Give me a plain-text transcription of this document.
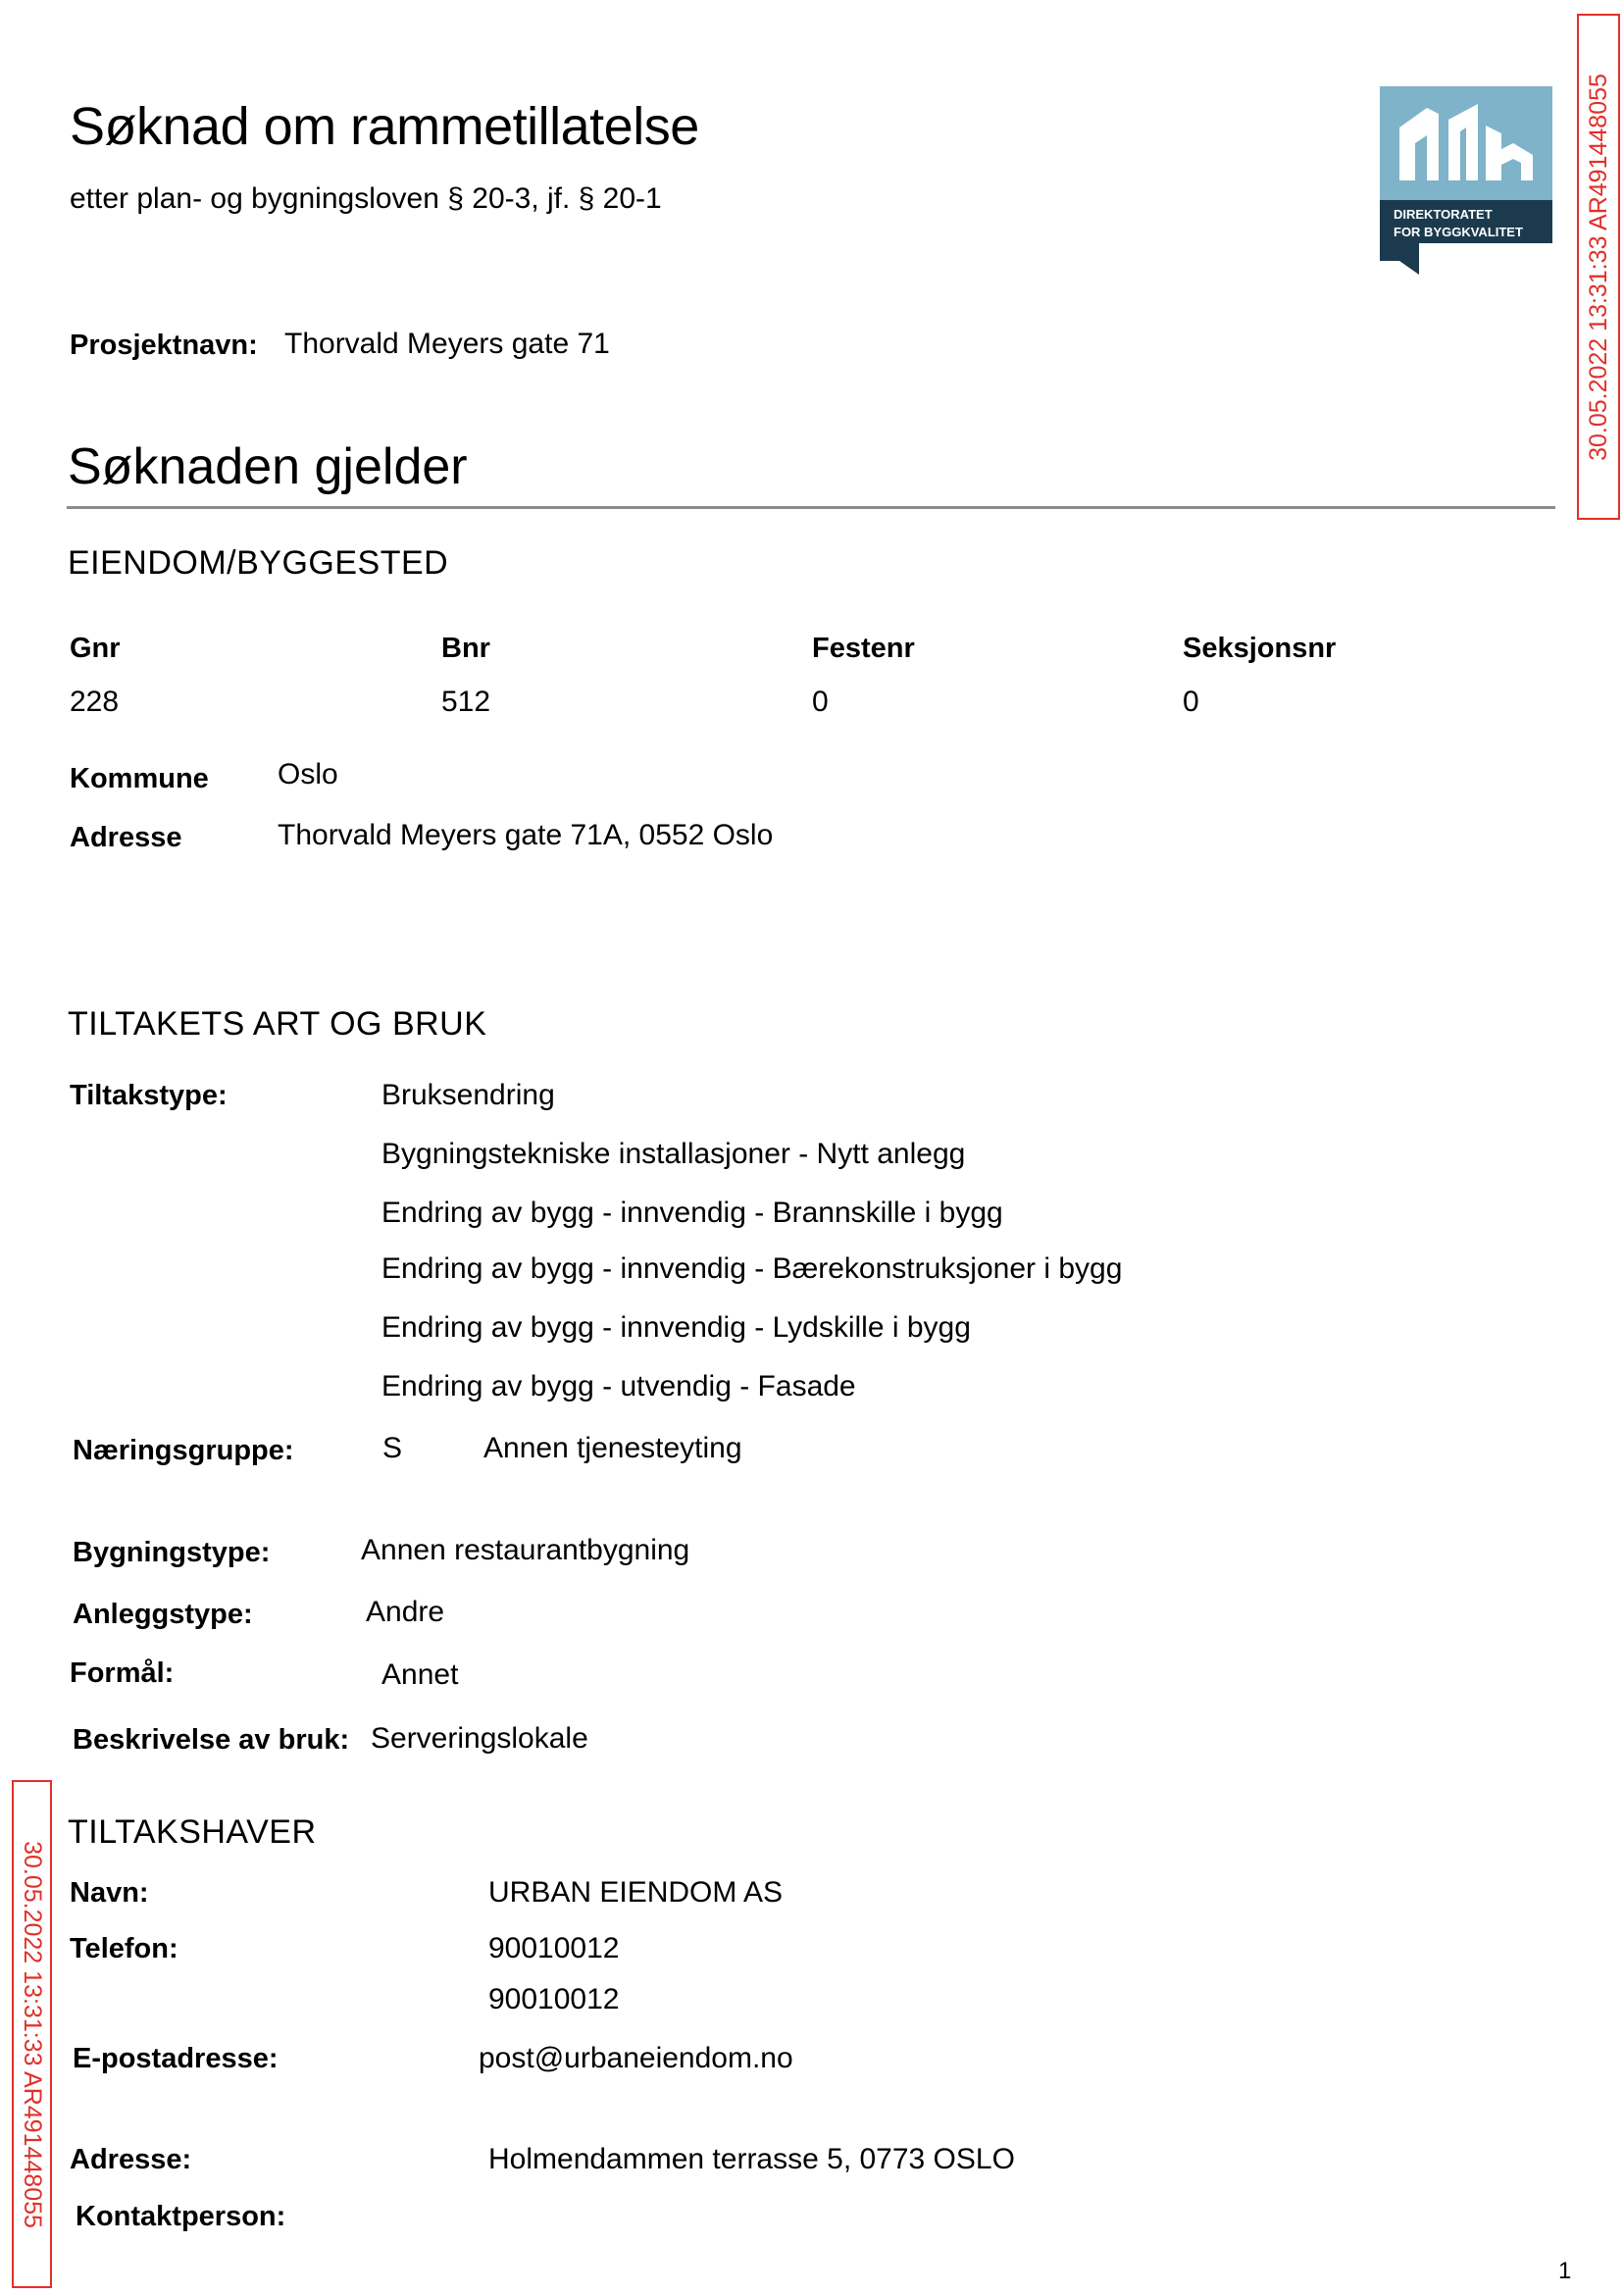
Søknad om rammetillatelse
etter plan- og bygningsloven § 20-3, jf. § 20-1	DIREKTORATET
FOR BYGGKVALITET	30.05.2022 13:31:33 AR491448055
30.05.2022 13:31:33 AR491448055
Prosjektnavn: Thorvald Meyers gate 71
Søknaden gjelder
EIENDOM/BYGGESTED
Gnr	Bnr	Festenr	Seksjonsnr
228	512	0	0
Kommune Oslo
Adresse	Thorvald Meyers gate 71A, 0552 Oslo
TILTAKETS ART OG BRUK
Tiltakstype:	Bruksendring
Bygningstekniske installasjoner - Nytt anlegg
Endring av bygg - innvendig - Brannskille i bygg
Endring av bygg - innvendig - Bærekonstruksjoner i bygg
Endring av bygg - innvendig - Lydskille i bygg
Endring av bygg - utvendig - Fasade
Næringsgruppe:	S	Annen tjenesteyting
Bygningstype:	Annen restaurantbygning
Anleggstype:	Andre
Formål:	Annet
Beskrivelse av bruk: Serveringslokale
TILTAKSHAVER
Navn:	URBAN EIENDOM AS
Telefon:	90010012
90010012
E-postadresse:	post@urbaneiendom.no
Adresse:	Holmendammen terrasse 5, 0773 OSLO
Kontaktperson:
1
